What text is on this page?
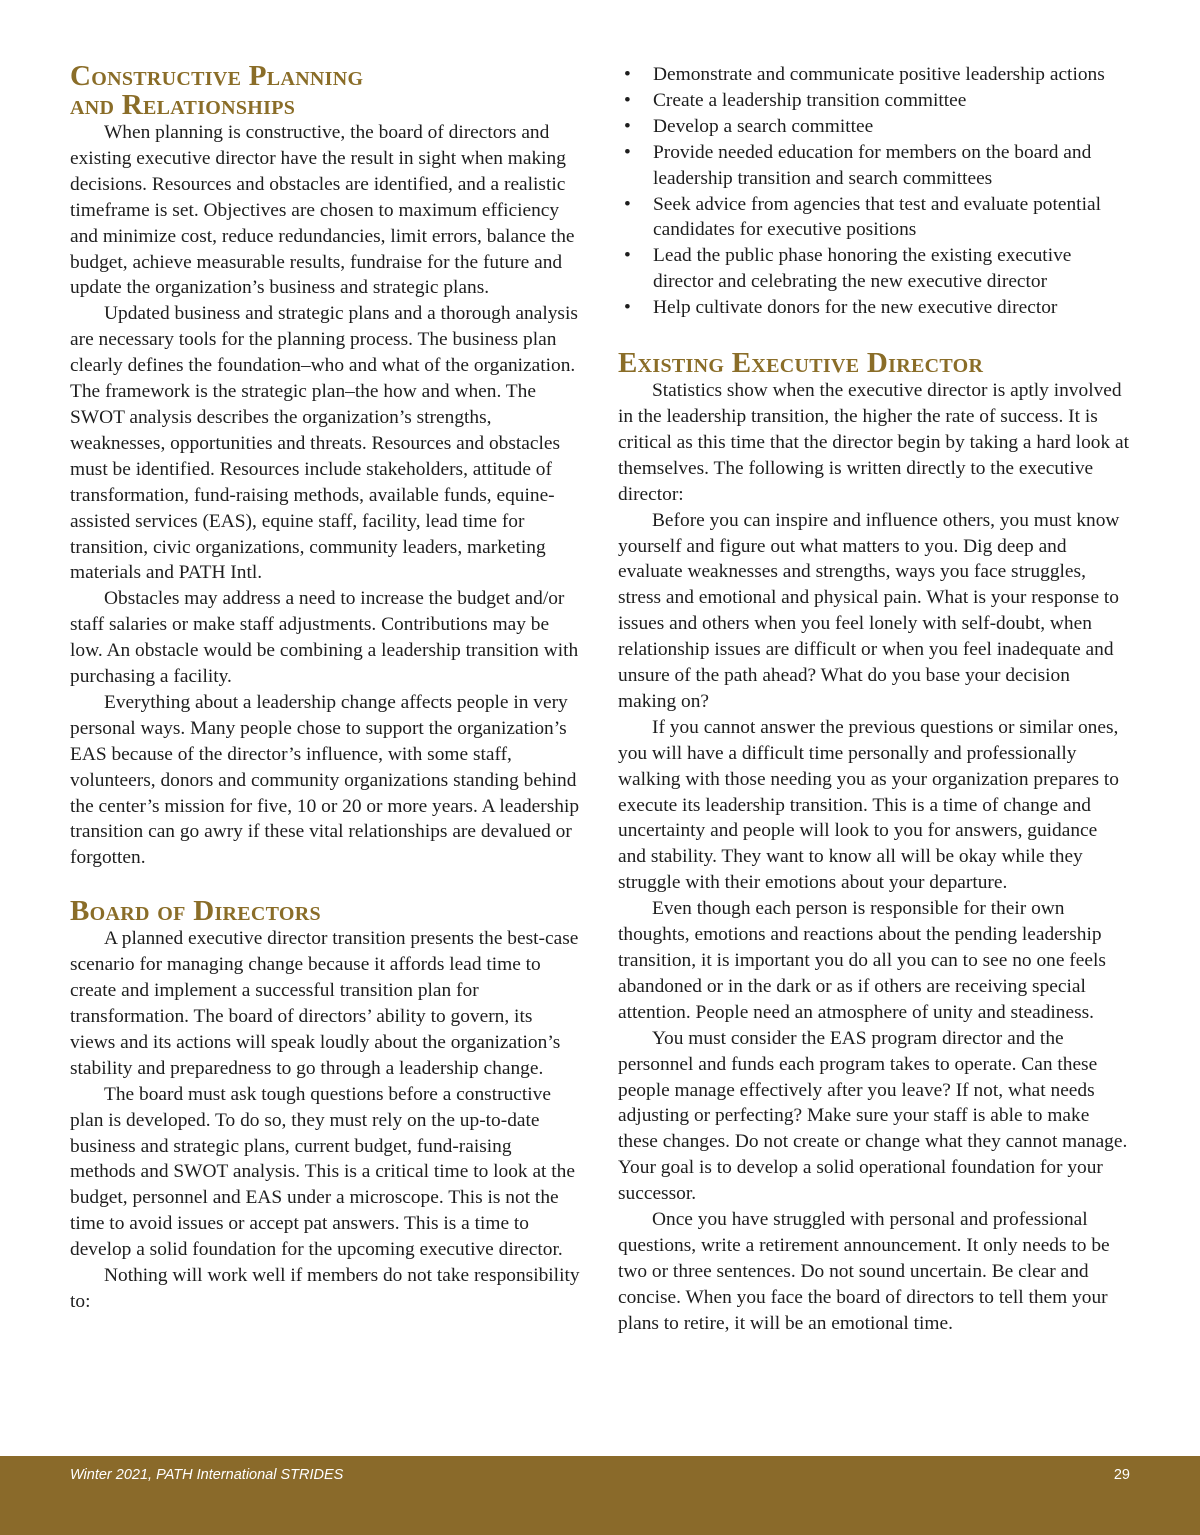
Constructive Planning
and Relationships

When planning is constructive, the board of directors and existing executive director have the result in sight when making decisions. Resources and obstacles are identified, and a realistic timeframe is set. Objectives are chosen to maximum efficiency and minimize cost, reduce redundancies, limit errors, balance the budget, achieve measurable results, fundraise for the future and update the organization’s business and strategic plans.

Updated business and strategic plans and a thorough analysis are necessary tools for the planning process. The business plan clearly defines the foundation–who and what of the organization. The framework is the strategic plan–the how and when. The SWOT analysis describes the organization’s strengths, weaknesses, opportunities and threats. Resources and obstacles must be identified. Resources include stakeholders, attitude of transformation, fund-raising methods, available funds, equine-assisted services (EAS), equine staff, facility, lead time for transition, civic organizations, community leaders, marketing materials and PATH Intl.

Obstacles may address a need to increase the budget and/or staff salaries or make staff adjustments. Contributions may be low. An obstacle would be combining a leadership transition with purchasing a facility.

Everything about a leadership change affects people in very personal ways. Many people chose to support the organization’s EAS because of the director’s influence, with some staff, volunteers, donors and community organizations standing behind the center’s mission for five, 10 or 20 or more years. A leadership transition can go awry if these vital relationships are devalued or forgotten.

Board of Directors

A planned executive director transition presents the best-case scenario for managing change because it affords lead time to create and implement a successful transition plan for transformation. The board of directors’ ability to govern, its views and its actions will speak loudly about the organization’s stability and preparedness to go through a leadership change.

The board must ask tough questions before a constructive plan is developed. To do so, they must rely on the up-to-date business and strategic plans, current budget, fund-raising methods and SWOT analysis. This is a critical time to look at the budget, personnel and EAS under a microscope. This is not the time to avoid issues or accept pat answers. This is a time to develop a solid foundation for the upcoming executive director.

Nothing will work well if members do not take responsibility to:

• Demonstrate and communicate positive leadership actions
• Create a leadership transition committee
• Develop a search committee
• Provide needed education for members on the board and leadership transition and search committees
• Seek advice from agencies that test and evaluate potential candidates for executive positions
• Lead the public phase honoring the existing executive director and celebrating the new executive director
• Help cultivate donors for the new executive director
Existing Executive Director

Statistics show when the executive director is aptly involved in the leadership transition, the higher the rate of success. It is critical as this time that the director begin by taking a hard look at themselves. The following is written directly to the executive director:

Before you can inspire and influence others, you must know yourself and figure out what matters to you. Dig deep and evaluate weaknesses and strengths, ways you face struggles, stress and emotional and physical pain. What is your response to issues and others when you feel lonely with self-doubt, when relationship issues are difficult or when you feel inadequate and unsure of the path ahead? What do you base your decision making on?

If you cannot answer the previous questions or similar ones, you will have a difficult time personally and professionally walking with those needing you as your organization prepares to execute its leadership transition. This is a time of change and uncertainty and people will look to you for answers, guidance and stability. They want to know all will be okay while they struggle with their emotions about your departure.

Even though each person is responsible for their own thoughts, emotions and reactions about the pending leadership transition, it is important you do all you can to see no one feels abandoned or in the dark or as if others are receiving special attention. People need an atmosphere of unity and steadiness.

You must consider the EAS program director and the personnel and funds each program takes to operate. Can these people manage effectively after you leave? If not, what needs adjusting or perfecting? Make sure your staff is able to make these changes. Do not create or change what they cannot manage. Your goal is to develop a solid operational foundation for your successor.

Once you have struggled with personal and professional questions, write a retirement announcement. It only needs to be two or three sentences. Do not sound uncertain. Be clear and concise. When you face the board of directors to tell them your plans to retire, it will be an emotional time.

Winter 2021, PATH International STRIDES	29
